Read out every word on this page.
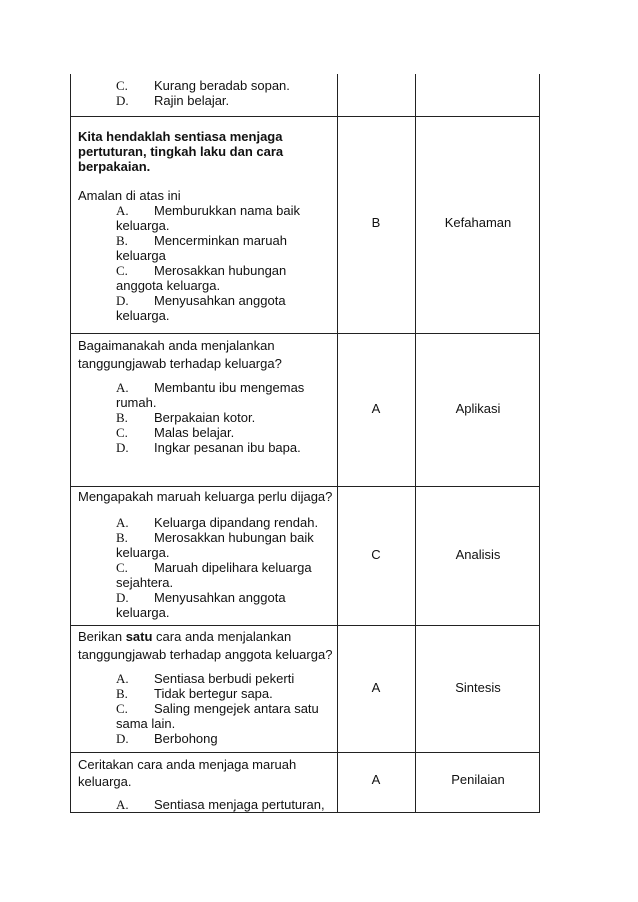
C.	Kurang beradab sopan.
D.	Rajin belajar.
Kita hendaklah sentiasa menjaga
pertuturan, tingkah laku dan cara
berpakaian.
Amalan di atas ini
A.	Memburukkan nama baik
keluarga.
B.	Mencerminkan maruah
keluarga
C.	Merosakkan hubungan
anggota keluarga.
D.	Menyusahkan anggota
keluarga.
B	Kefahaman
Bagaimanakah anda menjalankan
tanggungjawab terhadap keluarga?
A.	Membantu ibu mengemas
rumah.
B.	Berpakaian kotor.
C.	Malas belajar.
D.	Ingkar pesanan ibu bapa.
A	Aplikasi
Mengapakah maruah keluarga perlu dijaga?
A.	Keluarga dipandang rendah.
B.	Merosakkan hubungan baik
keluarga.
C.	Maruah dipelihara keluarga
sejahtera.
D.	Menyusahkan anggota
keluarga.
C	Analisis
Berikan satu cara anda menjalankan
tanggungjawab terhadap anggota keluarga?
A.	Sentiasa berbudi pekerti
B.	Tidak bertegur sapa.
C.	Saling mengejek antara satu
sama lain.
D.	Berbohong
A	Sintesis
Ceritakan cara anda menjaga maruah
keluarga.
A.	Sentiasa menjaga pertuturan,
A	Penilaian
